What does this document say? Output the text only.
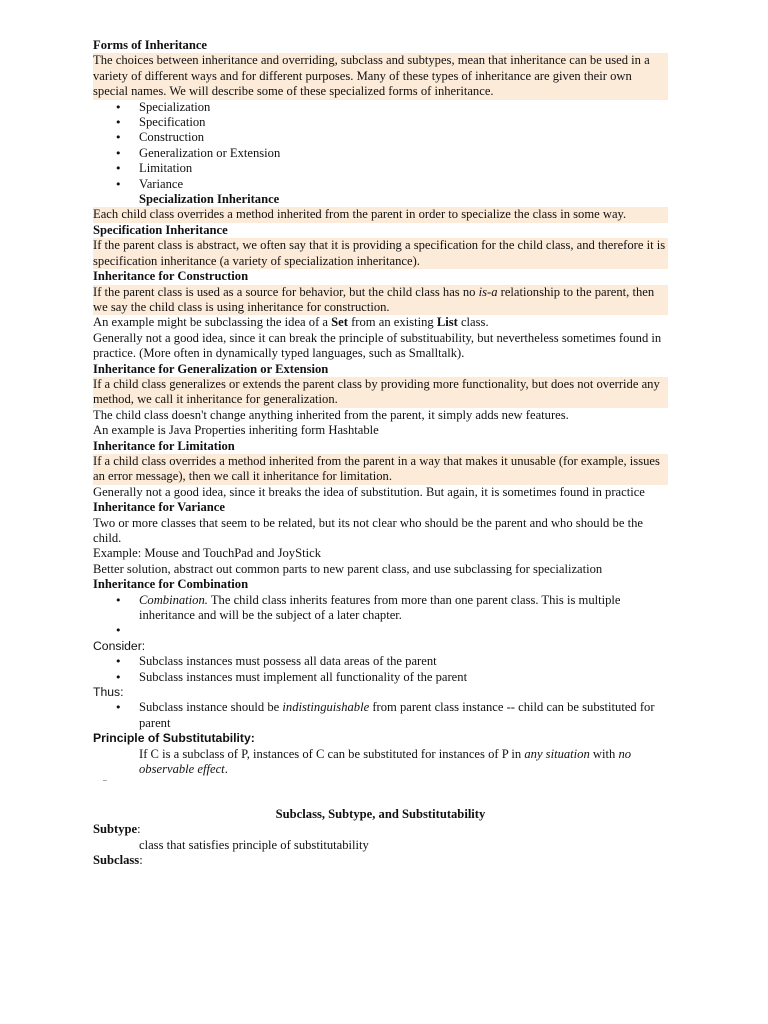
Forms of Inheritance
The choices between inheritance and overriding, subclass and subtypes, mean that inheritance can be used in a variety of different ways and for different purposes. Many of these types of inheritance are given their own special names. We will describe some of these specialized forms of inheritance.
• Specialization
• Specification
• Construction
• Generalization or Extension
• Limitation
• Variance
Specialization Inheritance
Each child class overrides a method inherited from the parent in order to specialize the class in some way.
Specification Inheritance
If the parent class is abstract, we often say that it is providing a specification for the child class, and therefore it is specification inheritance (a variety of specialization inheritance).
Inheritance for Construction
If the parent class is used as a source for behavior, but the child class has no is-a relationship to the parent, then we say the child class is using inheritance for construction.
An example might be subclassing the idea of a Set from an existing List class.
Generally not a good idea, since it can break the principle of substituability, but nevertheless sometimes found in practice. (More often in dynamically typed languages, such as Smalltalk).
Inheritance for Generalization or Extension
If a child class generalizes or extends the parent class by providing more functionality, but does not override any method, we call it inheritance for generalization.
The child class doesn't change anything inherited from the parent, it simply adds new features.
An example is Java Properties inheriting form Hashtable
Inheritance for Limitation
If a child class overrides a method inherited from the parent in a way that makes it unusable (for example, issues an error message), then we call it inheritance for limitation.
Generally not a good idea, since it breaks the idea of substitution. But again, it is sometimes found in practice
Inheritance for Variance
Two or more classes that seem to be related, but its not clear who should be the parent and who should be the child.
Example: Mouse and TouchPad and JoyStick
Better solution, abstract out common parts to new parent class, and use subclassing for specialization
Inheritance for Combination
• Combination. The child class inherits features from more than one parent class. This is multiple inheritance and will be the subject of a later chapter.
•
Consider:
• Subclass instances must possess all data areas of the parent
• Subclass instances must implement all functionality of the parent
Thus:
• Subclass instance should be indistinguishable from parent class instance -- child can be substituted for parent
Principle of Substitutability:
If C is a subclass of P, instances of C can be substituted for instances of P in any situation with no observable effect.
Subclass, Subtype, and Substitutability
Subtype:
class that satisfies principle of substitutability
Subclass:
